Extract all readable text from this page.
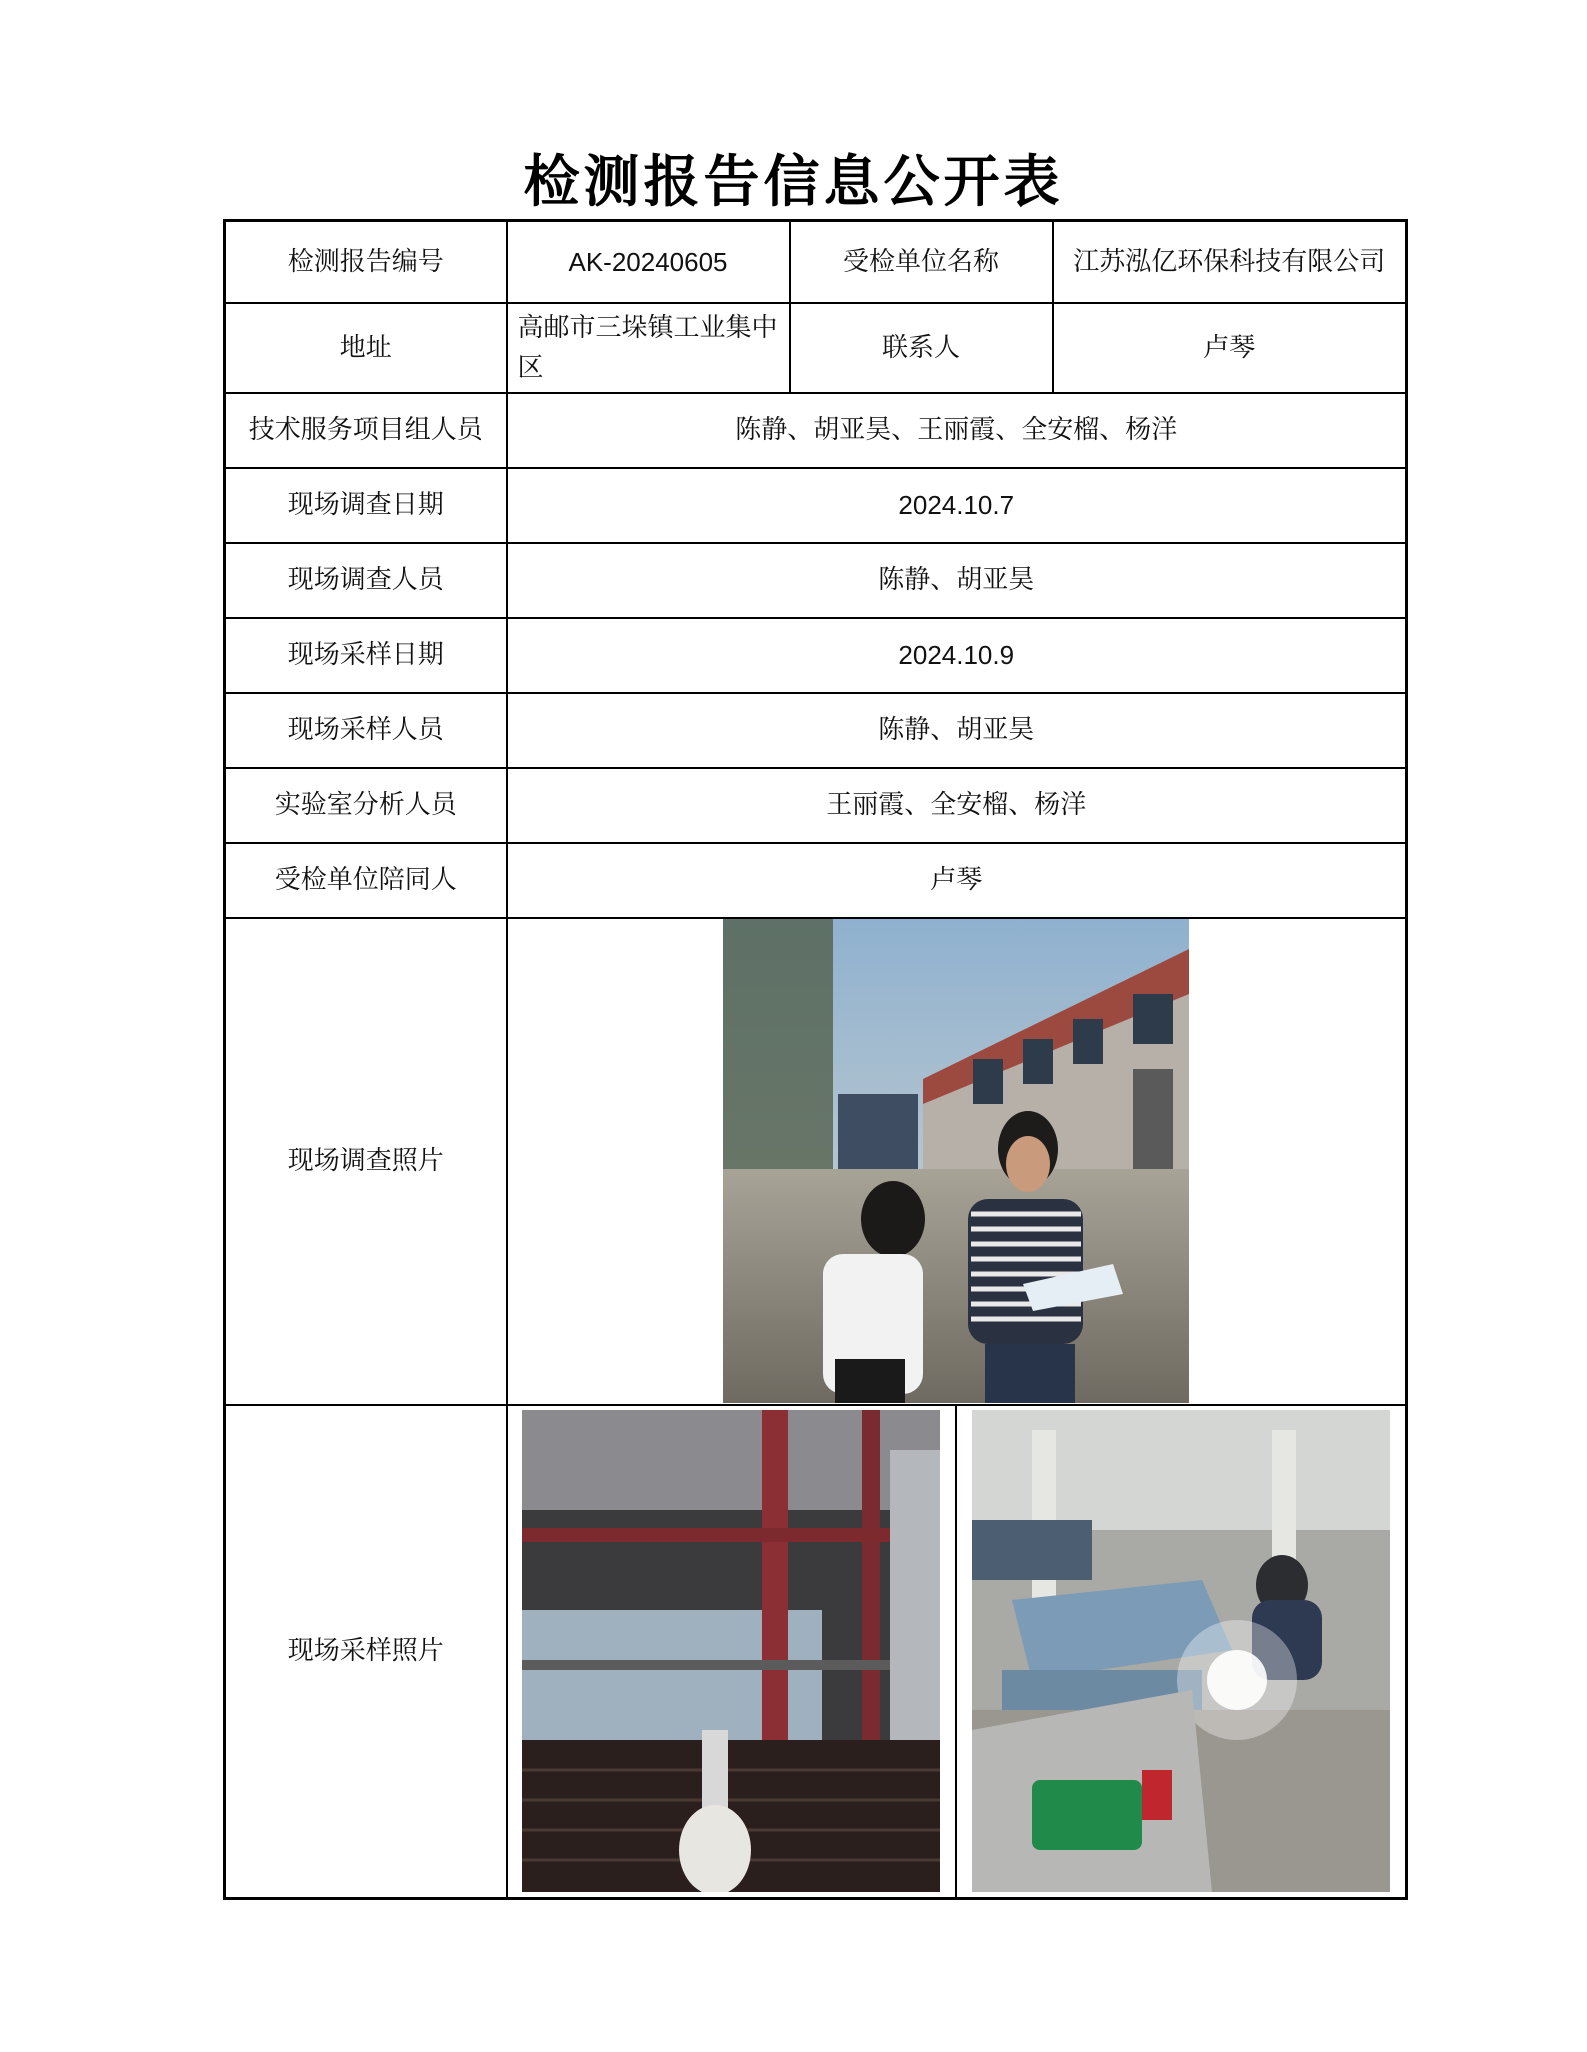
检测报告信息公开表
检测报告编号	AK-20240605	受检单位名称	江苏泓亿环保科技有限公司
地址	高邮市三垛镇工业集中区	联系人	卢琴
技术服务项目组人员	陈静、胡亚昊、王丽霞、全安榴、杨洋		
现场调查日期	2024.10.7		
现场调查人员	陈静、胡亚昊		
现场采样日期	2024.10.9		
现场采样人员	陈静、胡亚昊		
实验室分析人员	王丽霞、全安榴、杨洋		
受检单位陪同人	卢琴		
现场调查照片	

现场采样照片	
